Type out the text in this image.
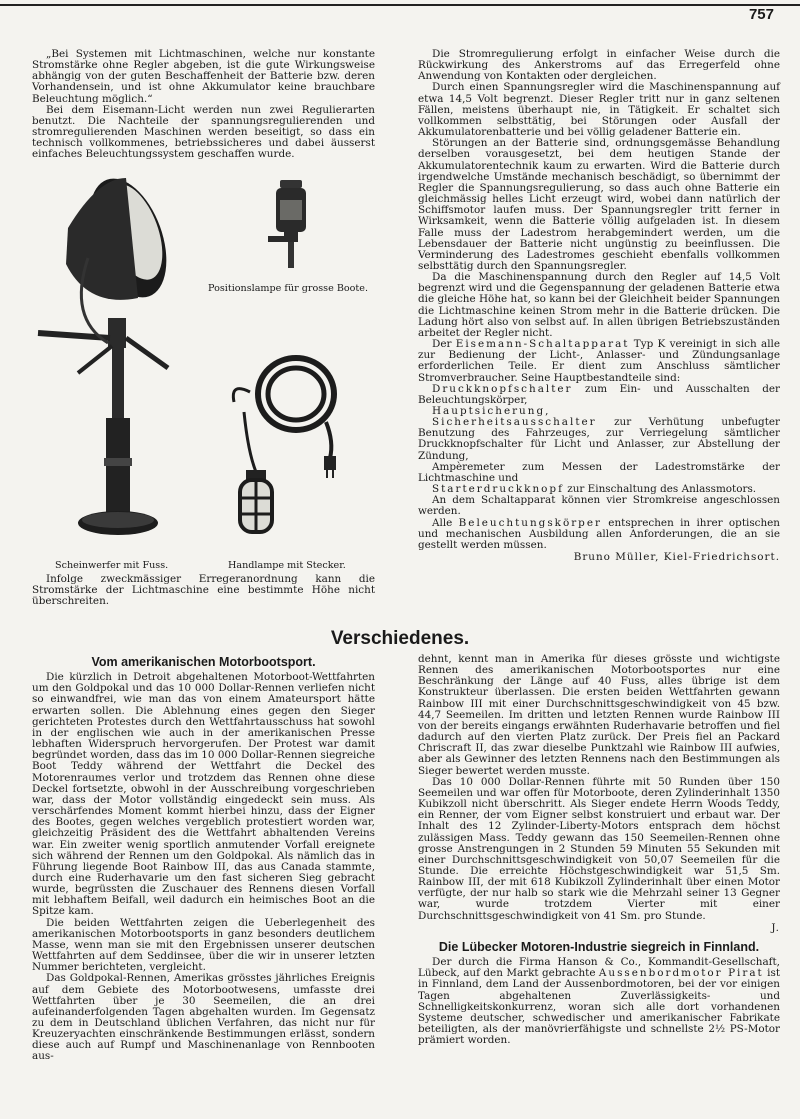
757

„Bei Systemen mit Lichtmaschinen, welche nur konstante Stromstärke ohne Regler abgeben, ist die gute Wirkungsweise abhängig von der guten Beschaffenheit der Batterie bzw. deren Vorhandensein, und ist ohne Akkumulator keine brauchbare Beleuchtung möglich.“

Bei dem Eisemann-Licht werden nun zwei Regulierarten benutzt. Die Nachteile der spannungsregulierenden und stromregulierenden Maschinen werden beseitigt, so dass ein technisch vollkommenes, betriebssicheres und dabei äusserst einfaches Beleuchtungssystem geschaffen wurde.

Positionslampe für grosse Boote.
Scheinwerfer mit Fuss.	Handlampe mit Stecker.

Infolge zweckmässiger Erregeranordnung kann die Stromstärke der Lichtmaschine eine bestimmte Höhe nicht überschreiten.

Die Stromregulierung erfolgt in einfacher Weise durch die Rückwirkung des Ankerstroms auf das Erregerfeld ohne Anwendung von Kontakten oder dergleichen.

Durch einen Spannungsregler wird die Maschinenspannung auf etwa 14,5 Volt begrenzt. Dieser Regler tritt nur in ganz seltenen Fällen, meistens überhaupt nie, in Tätigkeit. Er schaltet sich vollkommen selbsttätig, bei Störungen oder Ausfall der Akkumulatorenbatterie und bei völlig geladener Batterie ein.

Störungen an der Batterie sind, ordnungsgemässe Behandlung derselben vorausgesetzt, bei dem heutigen Stande der Akkumulatorentechnik kaum zu erwarten. Wird die Batterie durch irgendwelche Umstände mechanisch beschädigt, so übernimmt der Regler die Spannungsregulierung, so dass auch ohne Batterie ein gleichmässig helles Licht erzeugt wird, wobei dann natürlich der Schiffsmotor laufen muss. Der Spannungsregler tritt ferner in Wirksamkeit, wenn die Batterie völlig aufgeladen ist. In diesem Falle muss der Ladestrom herabgemindert werden, um die Lebensdauer der Batterie nicht ungünstig zu beeinflussen. Die Verminderung des Ladestromes geschieht ebenfalls vollkommen selbsttätig durch den Spannungsregler.

Da die Maschinenspannung durch den Regler auf 14,5 Volt begrenzt wird und die Gegenspannung der geladenen Batterie etwa die gleiche Höhe hat, so kann bei der Gleichheit beider Spannungen die Lichtmaschine keinen Strom mehr in die Batterie drücken. Die Ladung hört also von selbst auf. In allen übrigen Betriebszuständen arbeitet der Regler nicht.

Der Eisemann-Schaltapparat Typ K vereinigt in sich alle zur Bedienung der Licht-, Anlasser- und Zündungsanlage erforderlichen Teile. Er dient zum Anschluss sämtlicher Stromverbraucher. Seine Hauptbestandteile sind:

Druckknopfschalter zum Ein- und Ausschalten der Beleuchtungskörper,

Hauptsicherung,

Sicherheitsausschalter zur Verhütung unbefugter Benutzung des Fahrzeuges, zur Verriegelung sämtlicher Druckknopfschalter für Licht und Anlasser, zur Abstellung der Zündung,

Ampèremeter zum Messen der Ladestromstärke der Lichtmaschine und

Starterdruckknopf zur Einschaltung des Anlassmotors.

An dem Schaltapparat können vier Stromkreise angeschlossen werden.

Alle Beleuchtungskörper entsprechen in ihrer optischen und mechanischen Ausbildung allen Anforderungen, die an sie gestellt werden müssen.

Bruno Müller, Kiel-Friedrichsort.
Verschiedenes.
Vom amerikanischen Motorbootsport.

Die kürzlich in Detroit abgehaltenen Motorboot-Wettfahrten um den Goldpokal und das 10 000 Dollar-Rennen verliefen nicht so einwandfrei, wie man das von einem Amateursport hätte erwarten sollen. Die Ablehnung eines gegen den Sieger gerichteten Protestes durch den Wettfahrtausschuss hat sowohl in der englischen wie auch in der amerikanischen Presse lebhaften Widerspruch hervorgerufen. Der Protest war damit begründet worden, dass das im 10 000 Dollar-Rennen siegreiche Boot Teddy während der Wettfahrt die Deckel des Motorenraumes verlor und trotzdem das Rennen ohne diese Deckel fortsetzte, obwohl in der Ausschreibung vorgeschrieben war, dass der Motor vollständig eingedeckt sein muss. Als verschärfendes Moment kommt hierbei hinzu, dass der Eigner des Bootes, gegen welches vergeblich protestiert worden war, gleichzeitig Präsident des die Wettfahrt abhaltenden Vereins war. Ein zweiter wenig sportlich anmutender Vorfall ereignete sich während der Rennen um den Goldpokal. Als nämlich das in Führung liegende Boot Rainbow III, das aus Canada stammte, durch eine Ruderhavarie um den fast sicheren Sieg gebracht wurde, begrüssten die Zuschauer des Rennens diesen Vorfall mit lebhaftem Beifall, weil dadurch ein heimisches Boot an die Spitze kam.

Die beiden Wettfahrten zeigen die Ueberlegenheit des amerikanischen Motorbootsports in ganz besonders deutlichem Masse, wenn man sie mit den Ergebnissen unserer deutschen Wettfahrten auf dem Seddinsee, über die wir in unserer letzten Nummer berichteten, vergleicht.

Das Goldpokal-Rennen, Amerikas grösstes jährliches Ereignis auf dem Gebiete des Motorbootwesens, umfasste drei Wettfahrten über je 30 Seemeilen, die an drei aufeinanderfolgenden Tagen abgehalten wurden. Im Gegensatz zu dem in Deutschland üblichen Verfahren, das nicht nur für Kreuzeryachten einschränkende Bestimmungen erlässt, sondern diese auch auf Rumpf und Maschinenanlage von Rennbooten aus-

dehnt, kennt man in Amerika für dieses grösste und wichtigste Rennen des amerikanischen Motorbootsportes nur eine Beschränkung der Länge auf 40 Fuss, alles übrige ist dem Konstrukteur überlassen. Die ersten beiden Wettfahrten gewann Rainbow III mit einer Durchschnittsgeschwindigkeit von 45 bzw. 44,7 Seemeilen. Im dritten und letzten Rennen wurde Rainbow III von der bereits eingangs erwähnten Ruderhavarie betroffen und fiel dadurch auf den vierten Platz zurück. Der Preis fiel an Packard Chriscraft II, das zwar dieselbe Punktzahl wie Rainbow III aufwies, aber als Gewinner des letzten Rennens nach den Bestimmungen als Sieger bewertet werden musste.

Das 10 000 Dollar-Rennen führte mit 50 Runden über 150 Seemeilen und war offen für Motorboote, deren Zylinderinhalt 1350 Kubikzoll nicht überschritt. Als Sieger endete Herrn Woods Teddy, ein Renner, der vom Eigner selbst konstruiert und erbaut war. Der Inhalt des 12 Zylinder-Liberty-Motors entsprach dem höchst zulässigen Mass. Teddy gewann das 150 Seemeilen-Rennen ohne grosse Anstrengungen in 2 Stunden 59 Minuten 55 Sekunden mit einer Durchschnittsgeschwindigkeit von 50,07 Seemeilen für die Stunde. Die erreichte Höchstgeschwindigkeit war 51,5 Sm. Rainbow III, der mit 618 Kubikzoll Zylinderinhalt über einen Motor verfügte, der nur halb so stark wie die Mehrzahl seiner 13 Gegner war, wurde trotzdem Vierter mit einer Durchschnittsgeschwindigkeit von 41 Sm. pro Stunde.

J.
Die Lübecker Motoren-Industrie siegreich in Finnland.

Der durch die Firma Hanson & Co., Kommandit-Gesellschaft, Lübeck, auf den Markt gebrachte Aussenbordmotor Pirat ist in Finnland, dem Land der Aussenbordmotoren, bei der vor einigen Tagen abgehaltenen Zuverlässigkeits- und Schnelligkeitskonkurrenz, woran sich alle dort vorhandenen Systeme deutscher, schwedischer und amerikanischer Fabrikate beteiligten, als der manövrierfähigste und schnellste 2½ PS-Motor prämiert worden.
